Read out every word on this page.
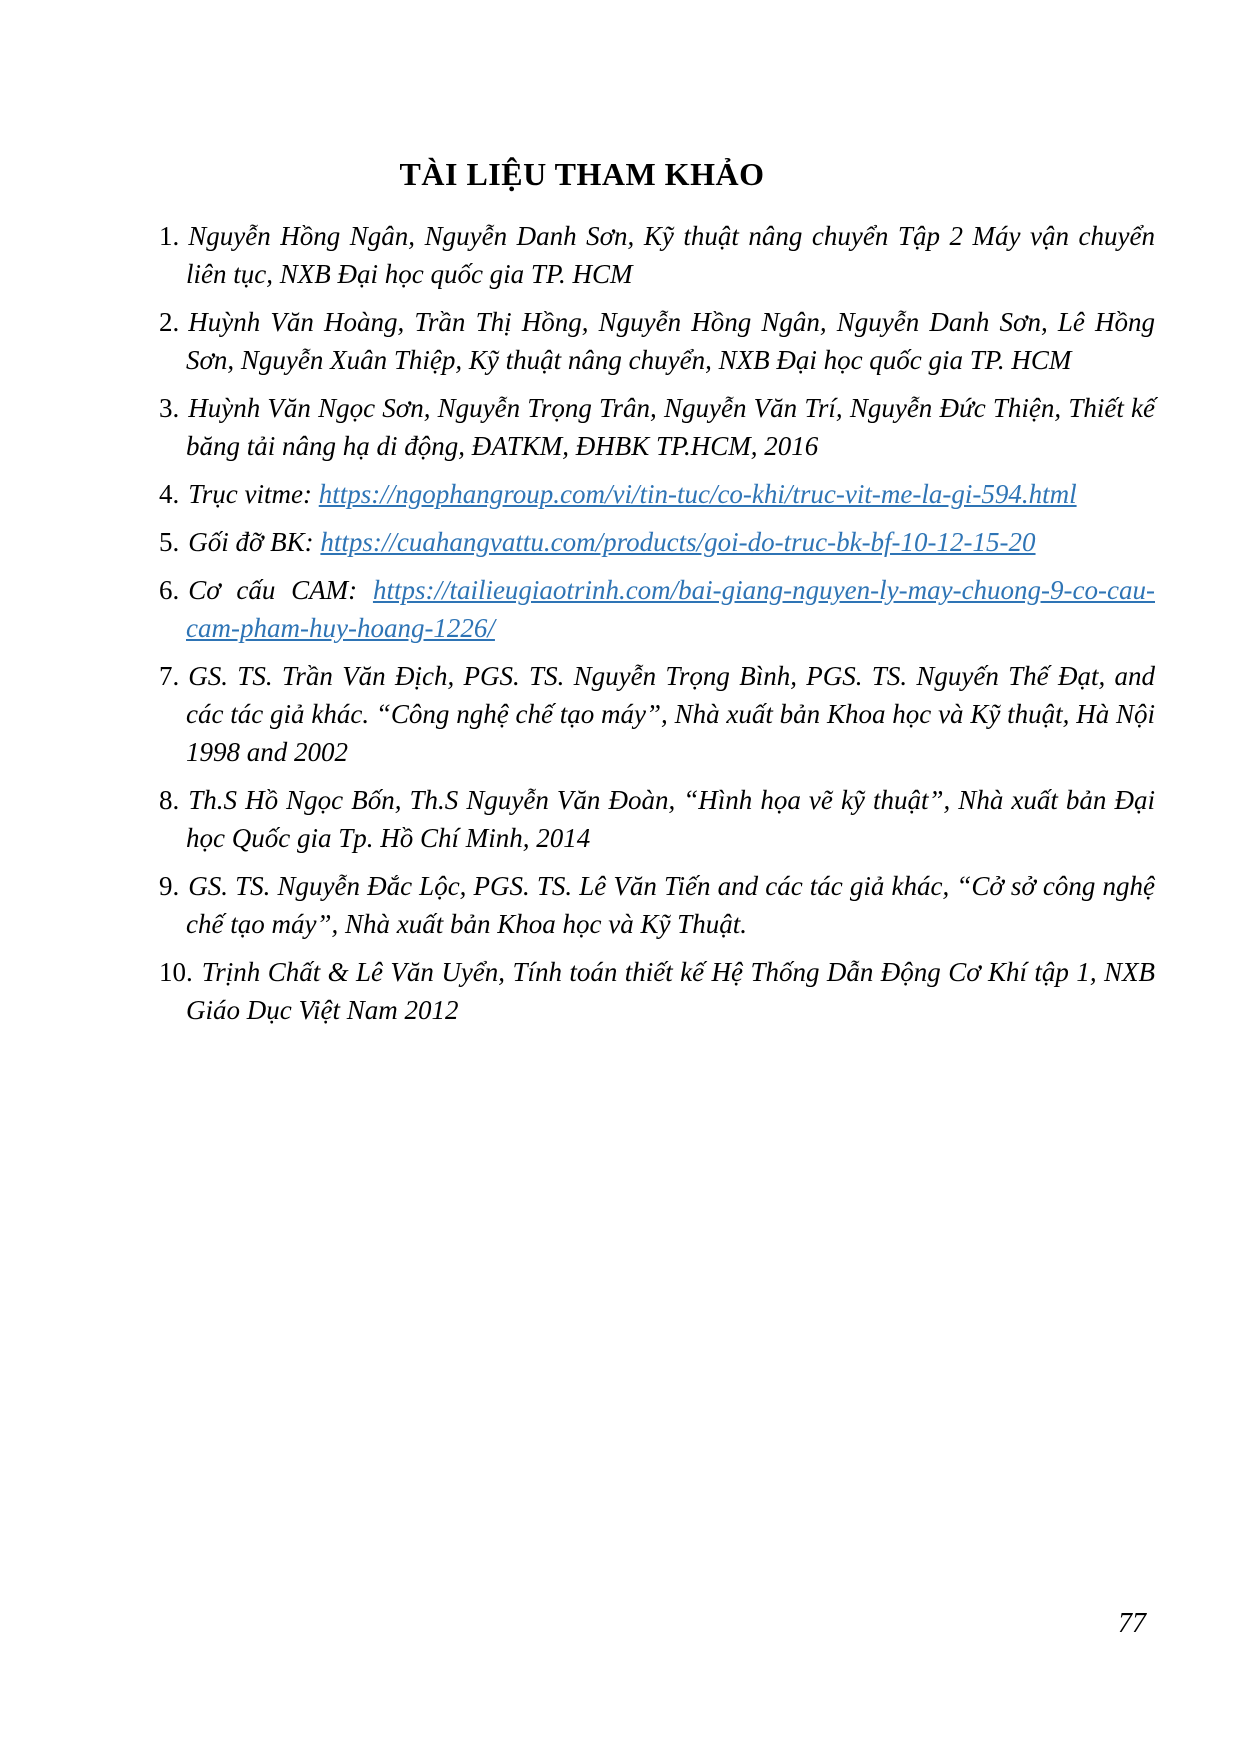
TÀI LIỆU THAM KHẢO
1. Nguyễn Hồng Ngân, Nguyễn Danh Sơn, Kỹ thuật nâng chuyển Tập 2 Máy vận chuyển liên tục, NXB Đại học quốc gia TP. HCM
2. Huỳnh Văn Hoàng, Trần Thị Hồng, Nguyễn Hồng Ngân, Nguyễn Danh Sơn, Lê Hồng Sơn, Nguyễn Xuân Thiệp, Kỹ thuật nâng chuyển, NXB Đại học quốc gia TP. HCM
3. Huỳnh Văn Ngọc Sơn, Nguyễn Trọng Trân, Nguyễn Văn Trí, Nguyễn Đức Thiện, Thiết kế băng tải nâng hạ di động, ĐATKM, ĐHBK TP.HCM, 2016
4. Trục vitme: https://ngophangroup.com/vi/tin-tuc/co-khi/truc-vit-me-la-gi-594.html
5. Gối đỡ BK: https://cuahangvattu.com/products/goi-do-truc-bk-bf-10-12-15-20
6. Cơ cấu CAM: https://tailieugiaotrinh.com/bai-giang-nguyen-ly-may-chuong-9-co-cau-cam-pham-huy-hoang-1226/
7. GS. TS. Trần Văn Địch, PGS. TS. Nguyễn Trọng Bình, PGS. TS. Nguyến Thế Đạt, and các tác giả khác. “Công nghệ chế tạo máy”, Nhà xuất bản Khoa học và Kỹ thuật, Hà Nội 1998 and 2002
8. Th.S Hồ Ngọc Bốn, Th.S Nguyễn Văn Đoàn, “Hình họa vẽ kỹ thuật”, Nhà xuất bản Đại học Quốc gia Tp. Hồ Chí Minh, 2014
9. GS. TS. Nguyễn Đắc Lộc, PGS. TS. Lê Văn Tiến and các tác giả khác, “Cở sở công nghệ chế tạo máy”, Nhà xuất bản Khoa học và Kỹ Thuật.
10. Trịnh Chất & Lê Văn Uyển, Tính toán thiết kế Hệ Thống Dẫn Động Cơ Khí tập 1, NXB Giáo Dục Việt Nam 2012
77
